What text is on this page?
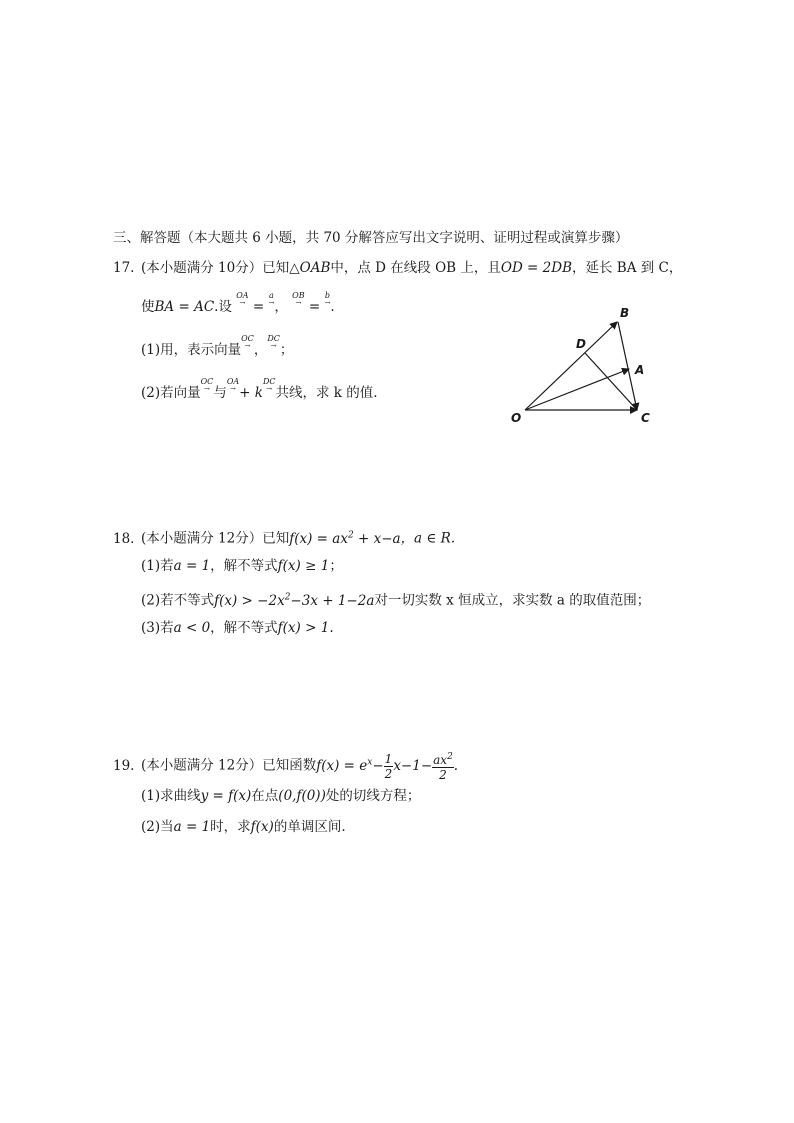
三、解答题（本大题共 6 小题，共 70 分解答应写出文字说明、证明过程或演算步骤）
17. (本小题满分 10分）已知△OAB中，点 D 在线段 OB 上，且OD = 2DB，延长 BA 到 C，
使BA = AC.设 OA
→ = a
→ ， OB
→ = b
→ .
(1)用，表示向量OC
→ ，DC
→ ；
(2)若向量OC
→ 与OA
→ + kDC
→ 共线，求 k 的值.
O
B
D
A
C
18. (本小题满分 12分）已知$f(x) = ax^2 + x-a$，a ∈ R.
(1)若a = 1，解不等式f(x) ≥ 1；
(2)若不等式$f(x) > -2x^2-3x + 1-2a$对一切实数 x 恒成立，求实数 a 的取值范围；
(3)若a < 0，解不等式f(x) > 1.
19. (本小题满分 12分）已知函数$f(x) = e^x- \frac{1}{2} x-1- \frac{ax^2}{2}$ .
(1)求曲线y = f(x)在点(0,f(0))处的切线方程；
(2)当a = 1时，求f(x)的单调区间.
